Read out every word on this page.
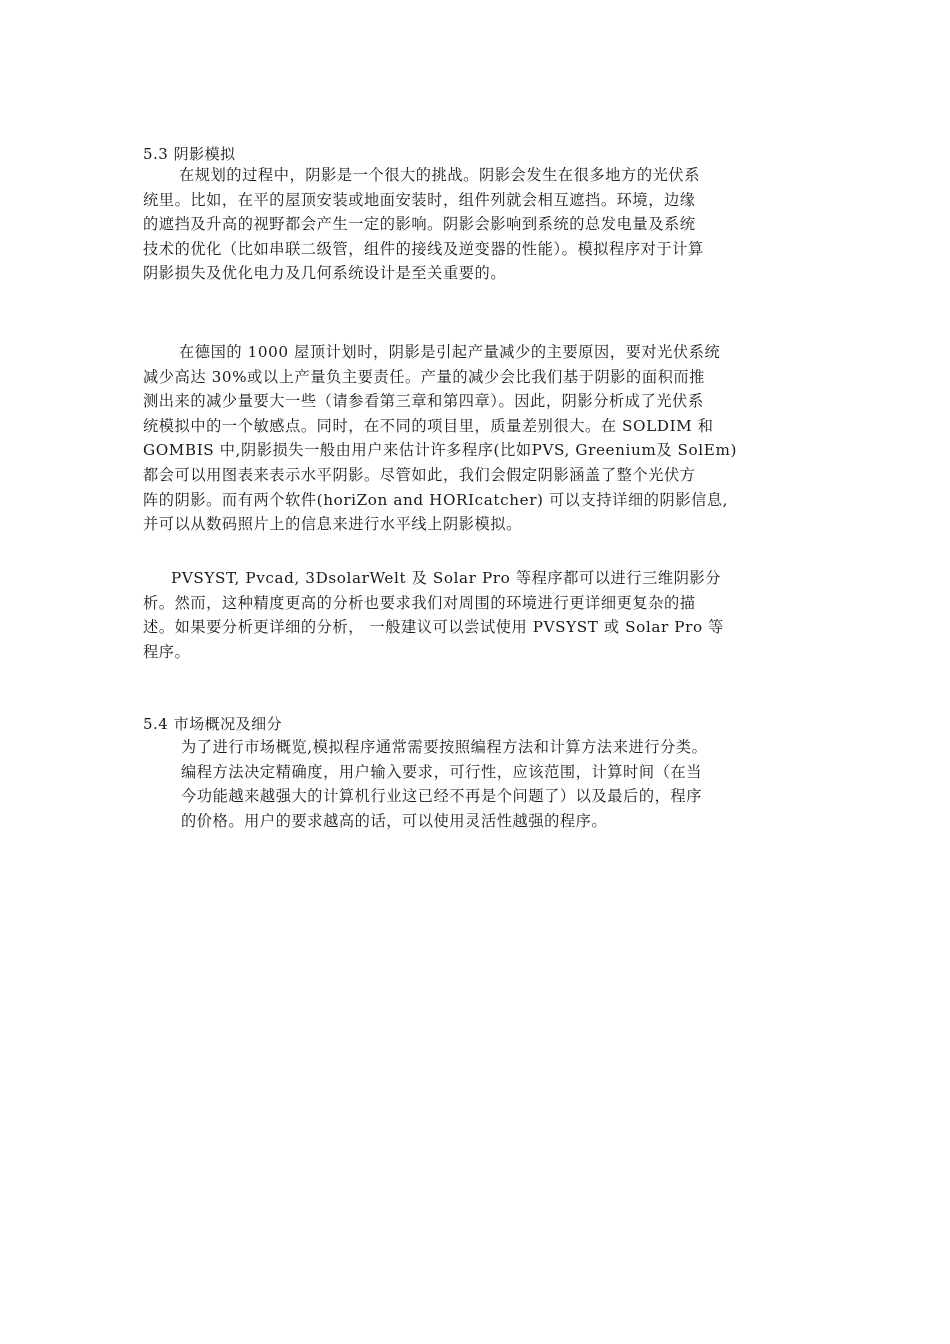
5.3 阴影模拟
在规划的过程中，阴影是一个很大的挑战。阴影会发生在很多地方的光伏系
统里。比如，在平的屋顶安装或地面安装时，组件列就会相互遮挡。环境，边缘
的遮挡及升高的视野都会产生一定的影响。阴影会影响到系统的总发电量及系统
技术的优化（比如串联二级管，组件的接线及逆变器的性能）。模拟程序对于计算
阴影损失及优化电力及几何系统设计是至关重要的。
在德国的 1000 屋顶计划时，阴影是引起产量减少的主要原因，要对光伏系统
减少高达 30%或以上产量负主要责任。产量的减少会比我们基于阴影的面积而推
测出来的减少量要大一些（请参看第三章和第四章）。因此，阴影分析成了光伏系
统模拟中的一个敏感点。同时，在不同的项目里，质量差别很大。在 SOLDIM 和
GOMBIS 中,阴影损失一般由用户来估计许多程序(比如PVS, Greenium及 SolEm)
都会可以用图表来表示水平阴影。尽管如此，我们会假定阴影涵盖了整个光伏方
阵的阴影。而有两个软件(horiZon and HORIcatcher) 可以支持详细的阴影信息,
并可以从数码照片上的信息来进行水平线上阴影模拟。
PVSYST, Pvcad, 3DsolarWelt 及 Solar Pro 等程序都可以进行三维阴影分
析。然而，这种精度更高的分析也要求我们对周围的环境进行更详细更复杂的描
述。如果要分析更详细的分析， 一般建议可以尝试使用 PVSYST 或 Solar Pro 等
程序。
5.4 市场概况及细分
为了进行市场概览,模拟程序通常需要按照编程方法和计算方法来进行分类。
编程方法决定精确度，用户输入要求，可行性，应该范围，计算时间（在当
今功能越来越强大的计算机行业这已经不再是个问题了）以及最后的，程序
的价格。用户的要求越高的话，可以使用灵活性越强的程序。
